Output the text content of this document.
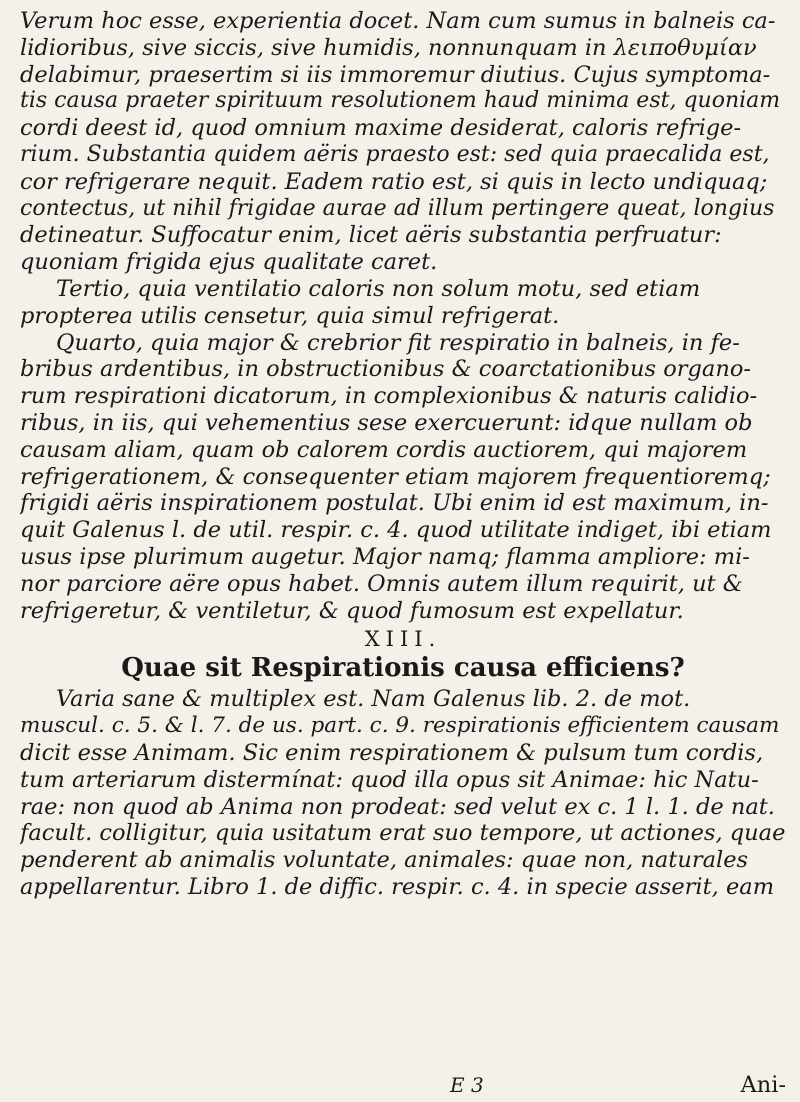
Verum hoc esse, experientia docet. Nam cum sumus in balneis ca-

lidioribus, sive siccis, sive humidis, nonnunquam in λειποθυμίαν

delabimur, praesertim si iis immoremur diutius. Cujus symptoma-

tis causa praeter spirituum resolutionem haud minima est, quoniam

cordi deest id, quod omnium maxime desiderat, caloris refrige-

rium. Substantia quidem aëris praesto est: sed quia praecalida est,

cor refrigerare nequit. Eadem ratio est, si quis in lecto undiquaq;

contectus, ut nihil frigidae aurae ad illum pertingere queat, longius

detineatur. Suffocatur enim, licet aëris substantia perfruatur:

quoniam frigida ejus qualitate caret.

Tertio, quia ventilatio caloris non solum motu, sed etiam

propterea utilis censetur, quia simul refrigerat.

Quarto, quia major & crebrior fit respiratio in balneis, in fe-

bribus ardentibus, in obstructionibus & coarctationibus organo-

rum respirationi dicatorum, in complexionibus & naturis calidio-

ribus, in iis, qui vehementius sese exercuerunt: idque nullam ob

causam aliam, quam ob calorem cordis auctiorem, qui majorem

refrigerationem, & consequenter etiam majorem frequentioremq;

frigidi aëris inspirationem postulat. Ubi enim id est maximum, in-

quit Galenus l. de util. respir. c. 4. quod utilitate indiget, ibi etiam

usus ipse plurimum augetur. Major namq; flamma ampliore: mi-

nor parciore aëre opus habet. Omnis autem illum requirit, ut &

refrigeretur, & ventiletur, & quod fumosum est expellatur.

XIII.

Quae sit Respirationis causa efficiens?

Varia sane & multiplex est. Nam Galenus lib. 2. de mot.

muscul. c. 5. & l. 7. de us. part. c. 9. respirationis efficientem causam

dicit esse Animam. Sic enim respirationem & pulsum tum cordis,

tum arteriarum distermínat: quod illa opus sit Animae: hic Natu-

rae: non quod ab Anima non prodeat: sed velut ex c. 1 l. 1. de nat.

facult. colligitur, quia usitatum erat suo tempore, ut actiones, quae

penderent ab animalis voluntate, animales: quae non, naturales

appellarentur. Libro 1. de diffic. respir. c. 4. in specie asserit, eam

E 3	Ani-
